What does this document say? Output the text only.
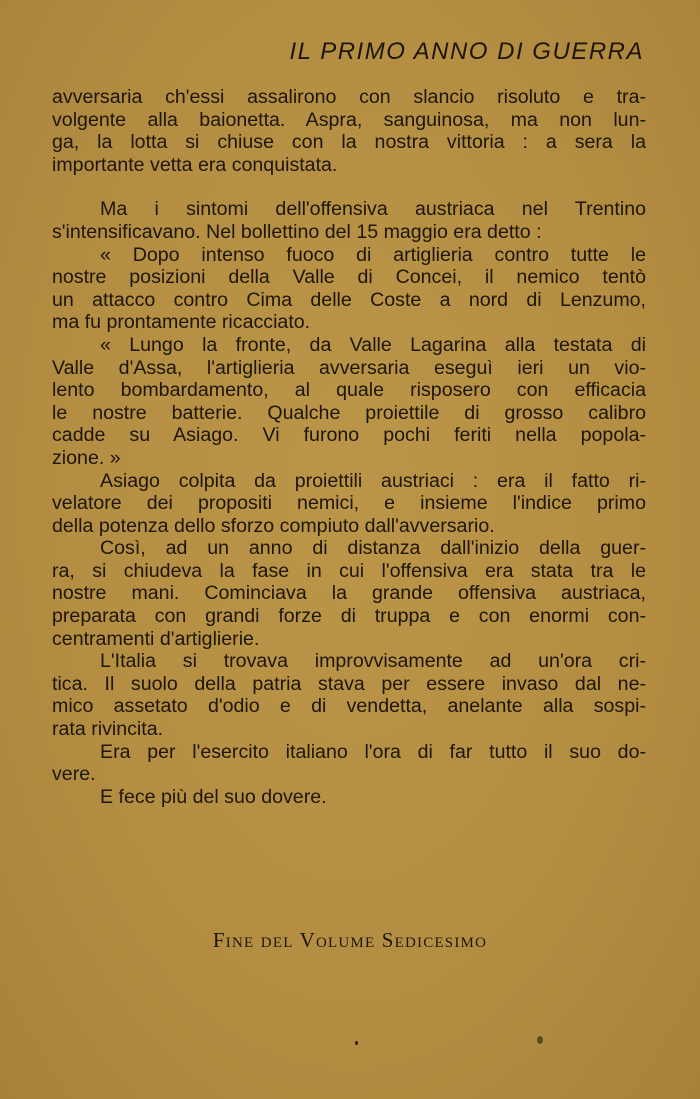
IL PRIMO ANNO DI GUERRA
avversaria ch'essi assalirono con slancio risoluto e tra-
volgente alla baionetta. Aspra, sanguinosa, ma non lun-
ga, la lotta si chiuse con la nostra vittoria : a sera la
importante vetta era conquistata.
Ma i sintomi dell'offensiva austriaca nel Trentino
s'intensificavano. Nel bollettino del 15 maggio era detto :
« Dopo intenso fuoco di artiglieria contro tutte le
nostre posizioni della Valle di Concei, il nemico tentò
un attacco contro Cima delle Coste a nord di Lenzumo,
ma fu prontamente ricacciato.
« Lungo la fronte, da Valle Lagarina alla testata di
Valle d'Assa, l'artiglieria avversaria eseguì ieri un vio-
lento bombardamento, al quale risposero con efficacia
le nostre batterie. Qualche proiettile di grosso calibro
cadde su Asiago. Vi furono pochi feriti nella popola-
zione. »
Asiago colpita da proiettili austriaci : era il fatto ri-
velatore dei propositi nemici, e insieme l'indice primo
della potenza dello sforzo compiuto dall'avversario.
Così, ad un anno di distanza dall'inizio della guer-
ra, si chiudeva la fase in cui l'offensiva era stata tra le
nostre mani. Cominciava la grande offensiva austriaca,
preparata con grandi forze di truppa e con enormi con-
centramenti d'artiglierie.
L'Italia si trovava improvvisamente ad un'ora cri-
tica. Il suolo della patria stava per essere invaso dal ne-
mico assetato d'odio e di vendetta, anelante alla sospi-
rata rivincita.
Era per l'esercito italiano l'ora di far tutto il suo do-
vere.
E fece più del suo dovere.
Fine del Volume Sedicesimo
